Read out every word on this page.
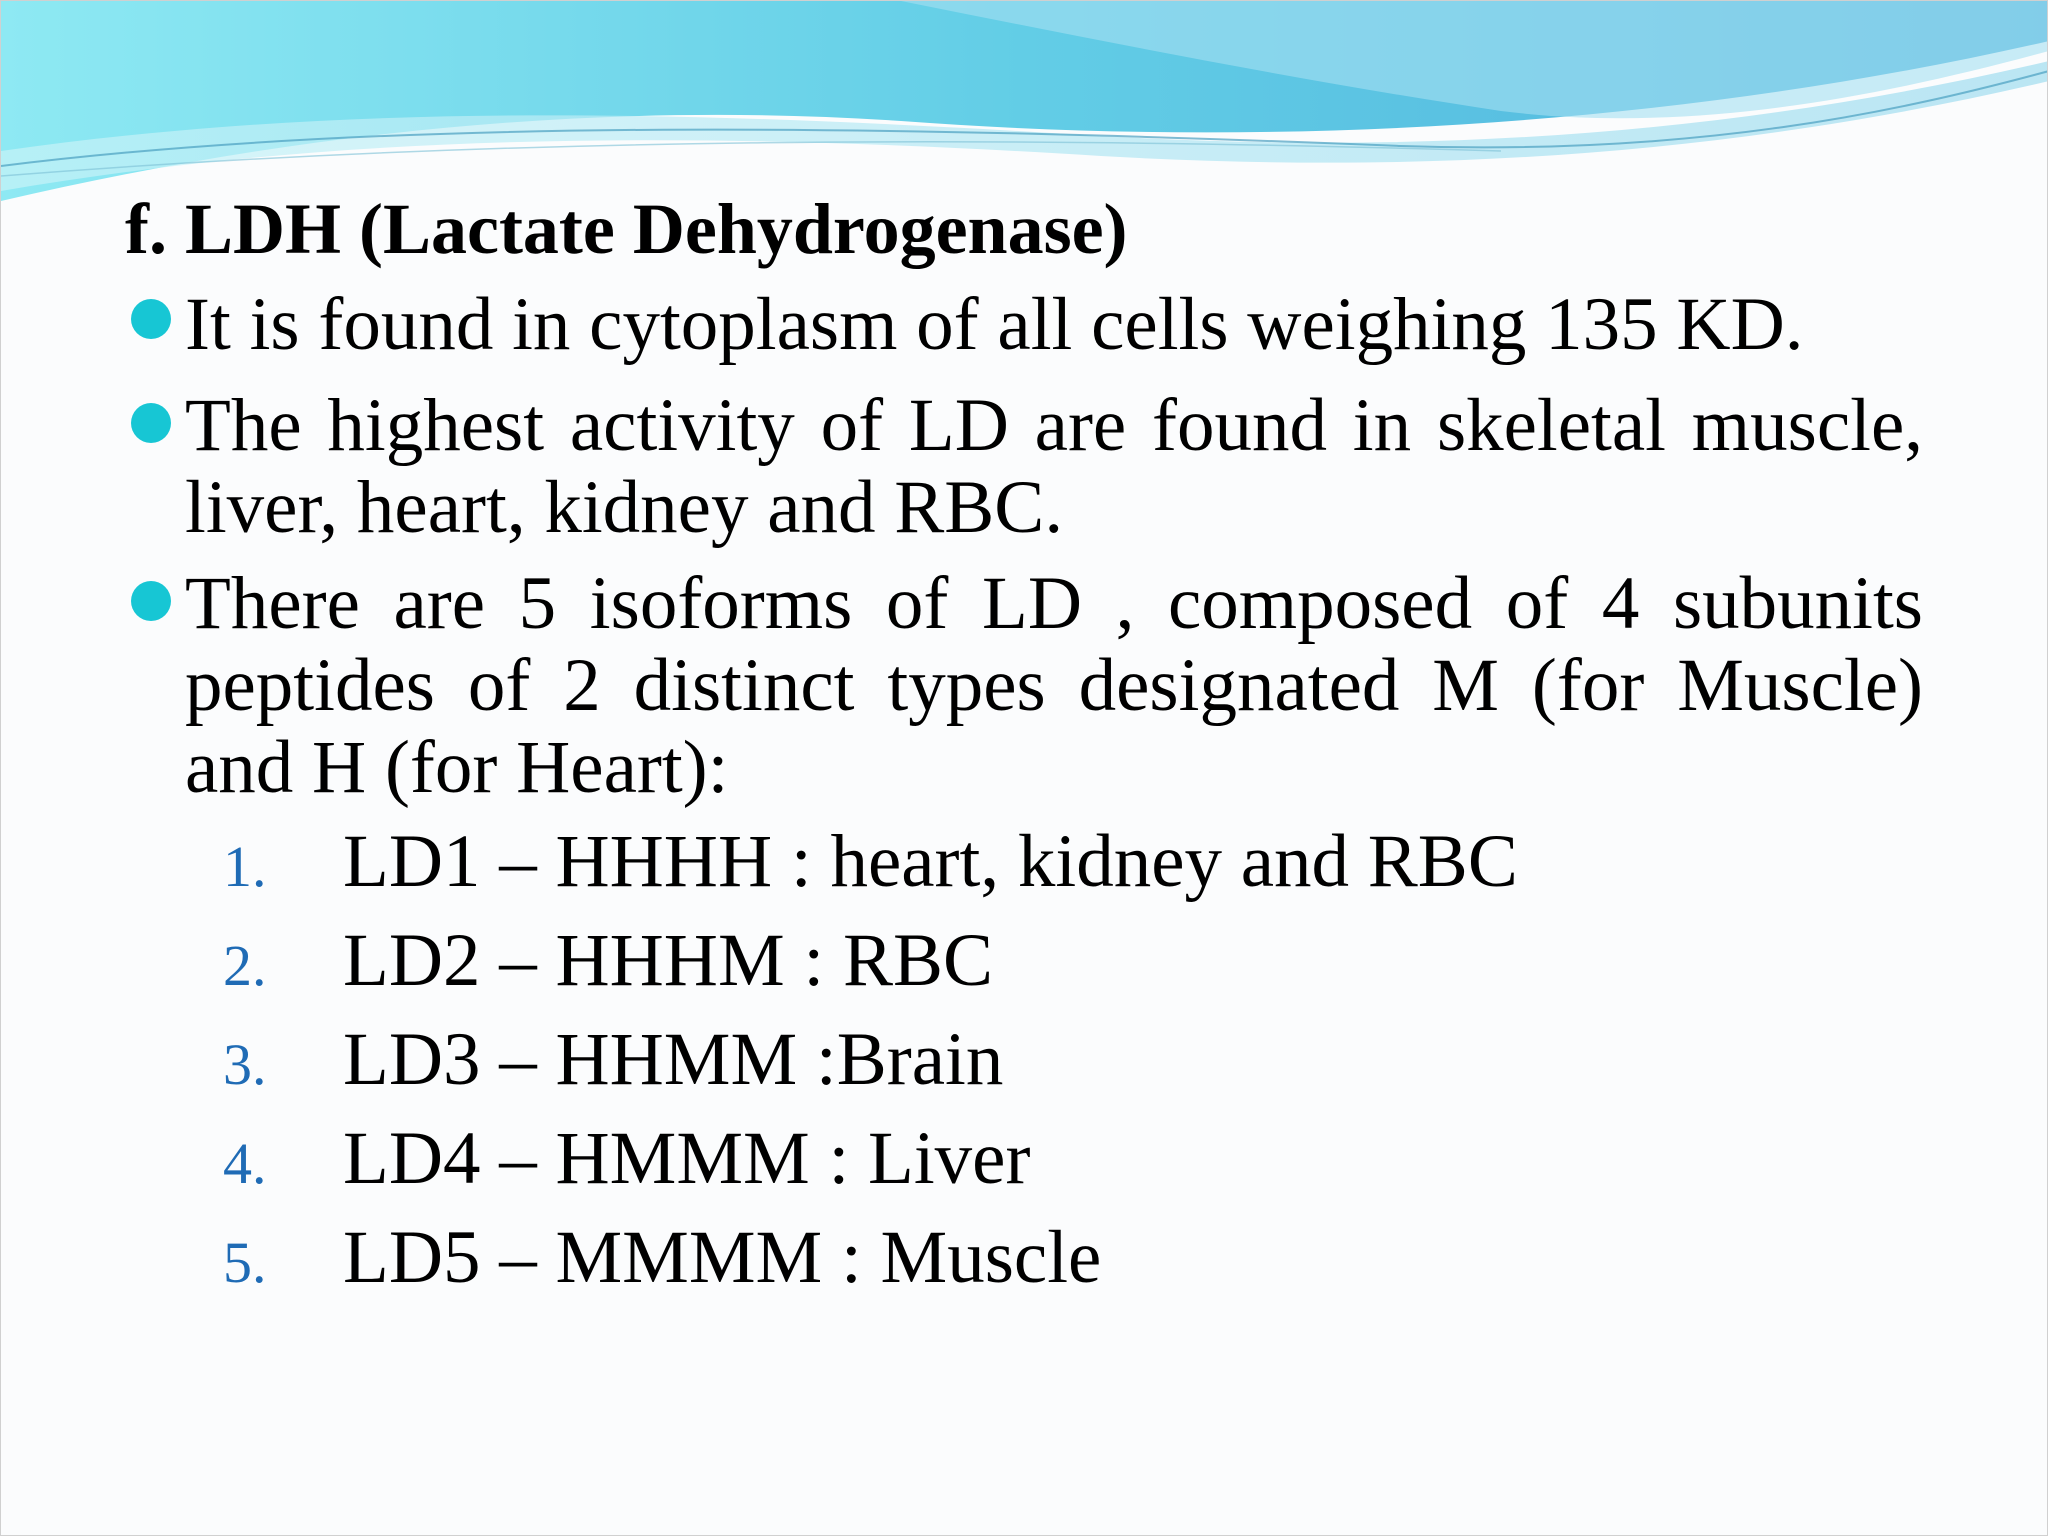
f. LDH (Lactate Dehydrogenase)
It is found in cytoplasm of all cells weighing 135 KD.
The highest activity of LD are found in skeletal muscle, liver, heart, kidney and RBC.
There are 5 isoforms of LD , composed of 4 subunits peptides of 2 distinct types designated M (for Muscle) and H (for Heart):
1. LD1 – HHHH : heart, kidney and RBC
2. LD2 – HHHM : RBC
3. LD3 – HHMM :Brain
4. LD4 – HMMM : Liver
5. LD5 – MMMM : Muscle
